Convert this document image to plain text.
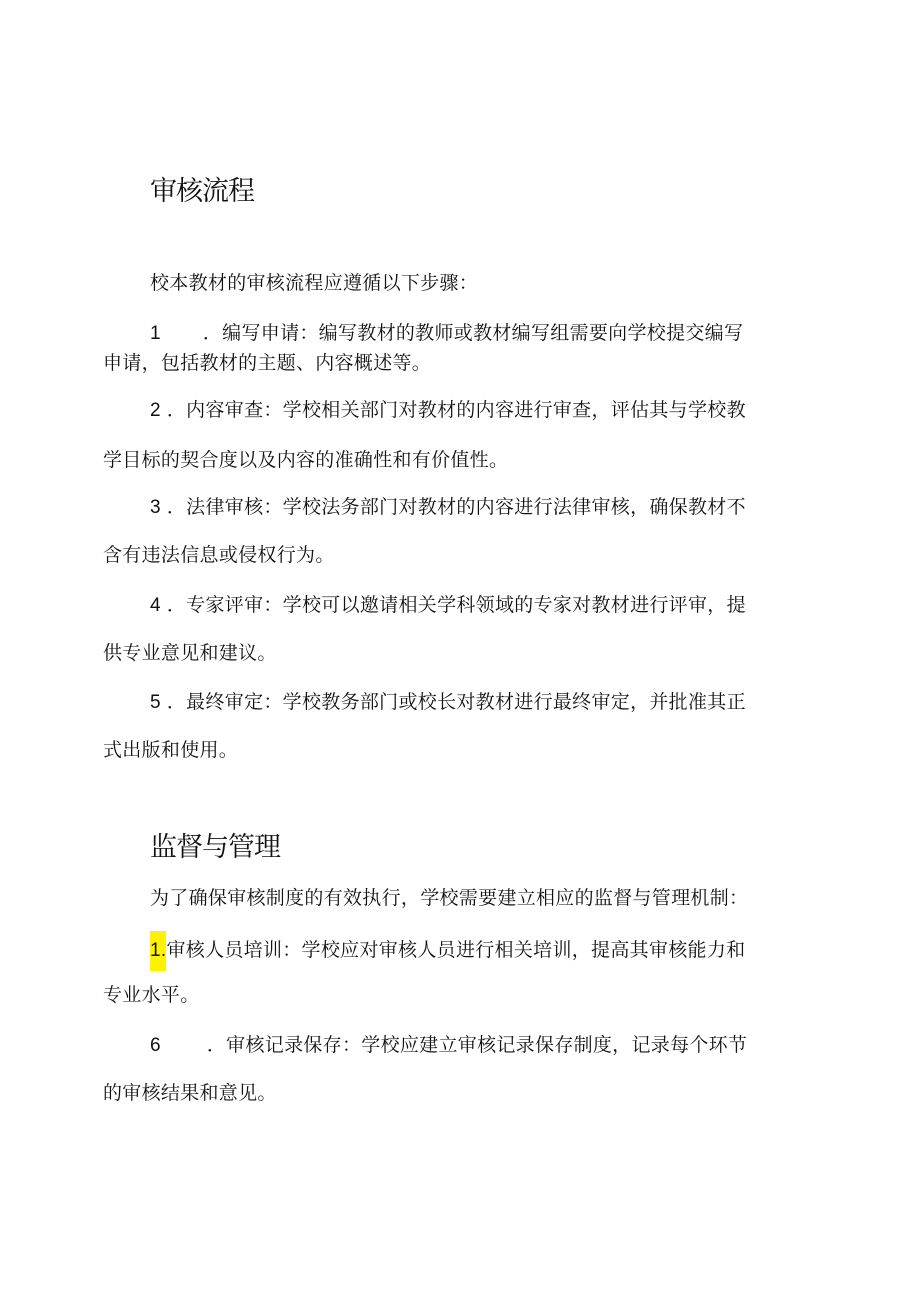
审核流程

校本教材的审核流程应遵循以下步骤：

1 ．编写申请：编写教材的教师或教材编写组需要向学校提交编写

申请，包括教材的主题、内容概述等。

2 ．内容审查：学校相关部门对教材的内容进行审查，评估其与学校教

学目标的契合度以及内容的准确性和有价值性。

3 ．法律审核：学校法务部门对教材的内容进行法律审核，确保教材不

含有违法信息或侵权行为。

4 ．专家评审：学校可以邀请相关学科领域的专家对教材进行评审，提

供专业意见和建议。

5 ．最终审定：学校教务部门或校长对教材进行最终审定，并批准其正

式出版和使用。

监督与管理

为了确保审核制度的有效执行，学校需要建立相应的监督与管理机制：

1.审核人员培训：学校应对审核人员进行相关培训，提高其审核能力和

专业水平。

6 ．审核记录保存：学校应建立审核记录保存制度，记录每个环节

的审核结果和意见。
